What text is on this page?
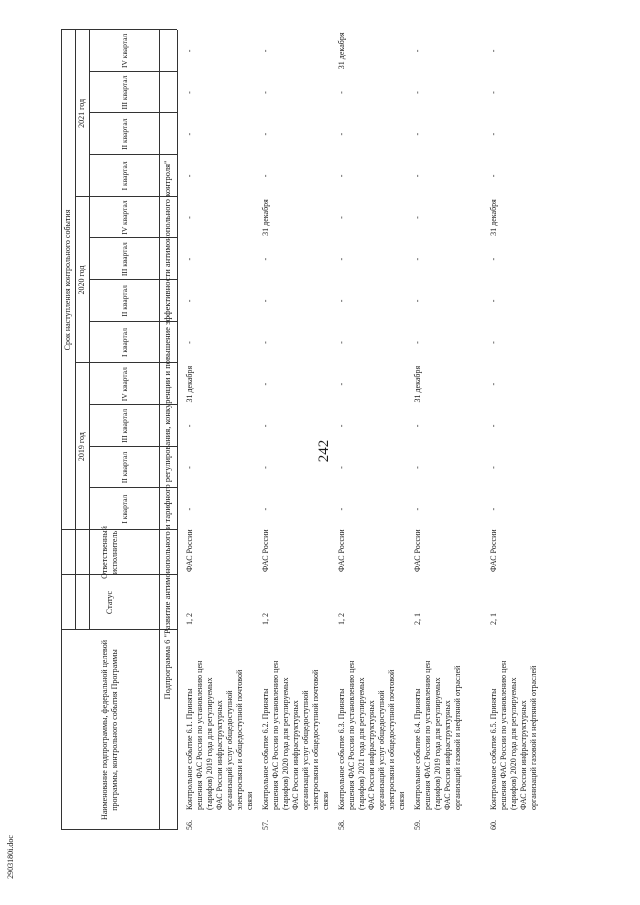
242
2903180i.doc
Наименование подпрограммы, федеральной целевой программы, контрольного события Программы
Статус
Ответственный исполнитель
Срок наступления контрольного события
2019 год
2020 год
2021 год
I квартал
II квартал
III квартал
IV квартал
I квартал
II квартал
III квартал
IV квартал
I квартал
II квартал
III квартал
IV квартал
Подпрограмма 6 "Развитие антимонопольного и тарифного регулирования, конкуренции и повышение эффективности антимонопольного контроля"
56.
Контрольное событие 6.1. Приняты решения ФАС России по установлению цен (тарифов) 2019 года для регулируемых ФАС России инфраструктурных организаций услуг общедоступной электросвязи и общедоступной почтовой связи
1, 2
ФАС России
-
-
-
31 декабря
-
-
-
-
-
-
-
-
57.
Контрольное событие 6.2. Приняты решения ФАС России по установлению цен (тарифов) 2020 года для регулируемых ФАС России инфраструктурных организаций услуг общедоступной электросвязи и общедоступной почтовой связи
1, 2
ФАС России
-
-
-
-
-
-
-
31 декабря
-
-
-
-
58.
Контрольное событие 6.3. Приняты решения ФАС России по установлению цен (тарифов) 2021 года для регулируемых ФАС России инфраструктурных организаций услуг общедоступной электросвязи и общедоступной почтовой связи
1, 2
ФАС России
-
-
-
-
-
-
-
-
-
-
-
31 декабря
59.
Контрольное событие 6.4. Приняты решения ФАС России по установлению цен (тарифов) 2019 года для регулируемых ФАС России инфраструктурных организаций газовой и нефтяной отраслей
2, 1
ФАС России
-
-
-
31 декабря
-
-
-
-
-
-
-
-
60.
Контрольное событие 6.5. Приняты решения ФАС России по установлению цен (тарифов) 2020 года для регулируемых ФАС России инфраструктурных организаций газовой и нефтяной отраслей
2, 1
ФАС России
-
-
-
-
-
-
-
31 декабря
-
-
-
-
